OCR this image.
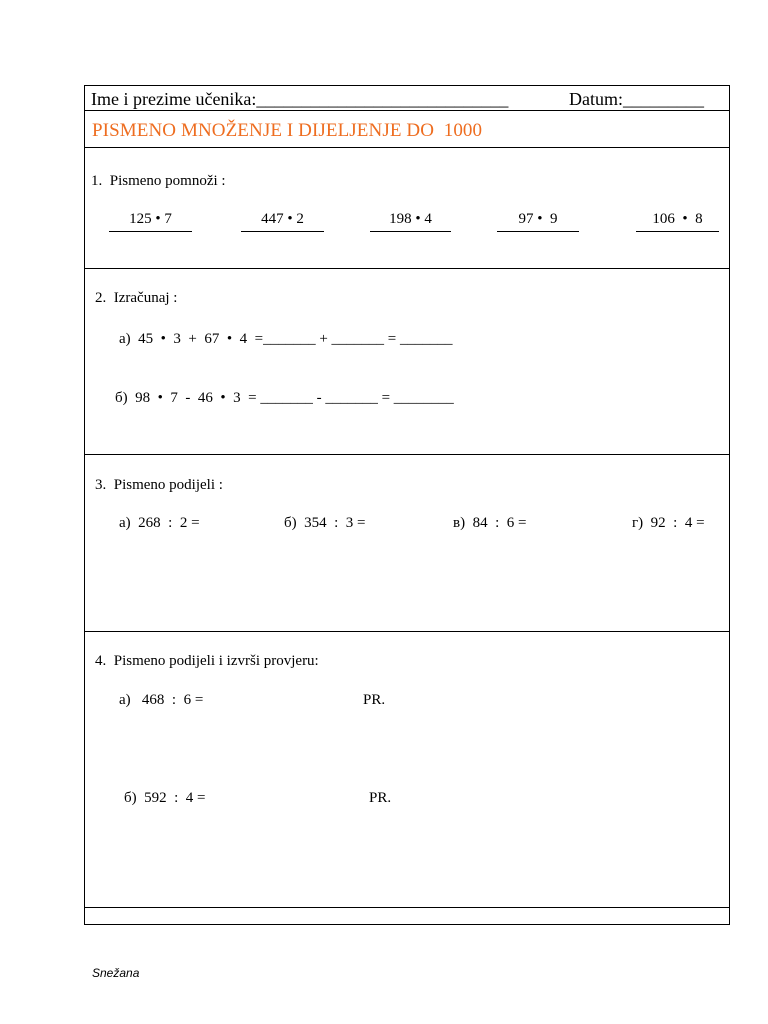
Ime i prezime učenika:____________________________	Datum:_________
PISMENO MNOŽENJE I DIJELJENJE DO  1000
1.  Pismeno pomnoži :
125 • 7	447 • 2	198 • 4	97 •  9	106  •  8
2.  Izračunaj :
а)  45  •  3  +  67  •  4  =_______ + _______ = _______
б)  98  •  7  -  46  •  3  = _______ - _______ = ________
3.  Pismeno podijeli :
а)  268  :  2 =	б)  354  :  3 =	в)  84  :  6 =	г)  92  :  4 =
4.  Pismeno podijeli i izvrši provjeru:
а)   468  :  6 =	PR.
б)  592  :  4 =	PR.
Snežana
